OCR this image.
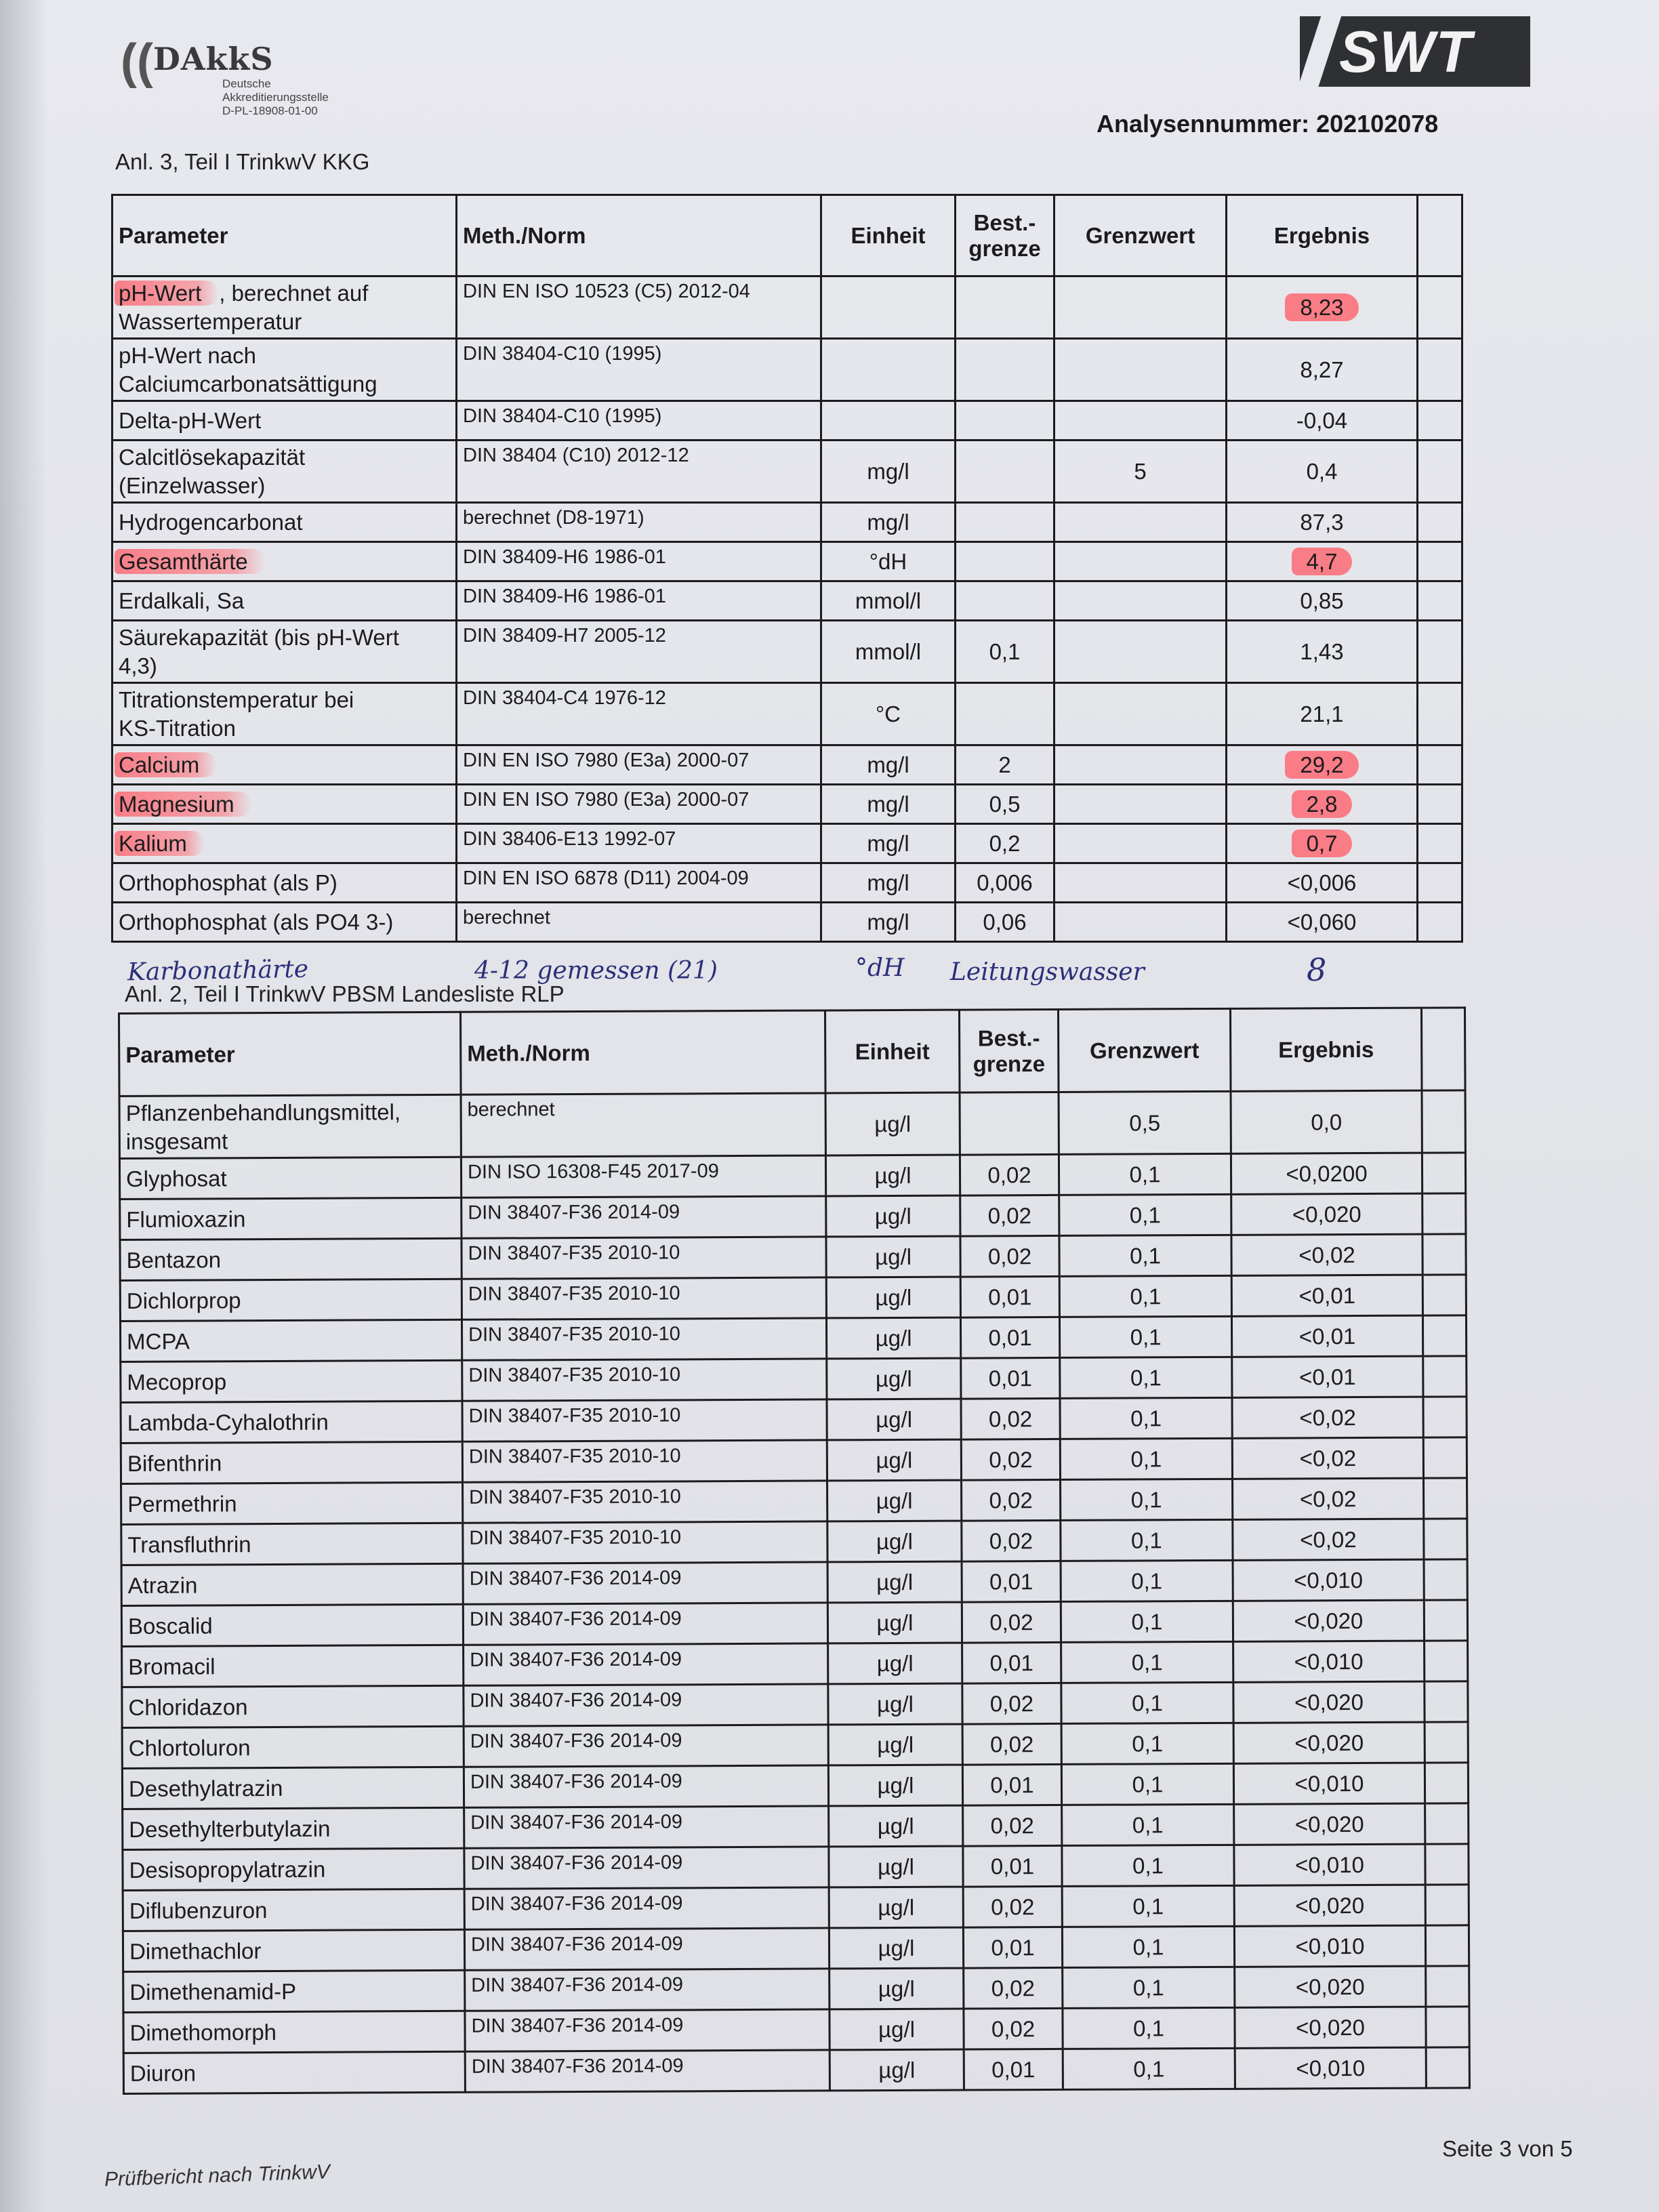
(( DAkkS
Deutsche
Akkreditierungsstelle
D-PL-18908-01-00
SWT
Analysennummer: 202102078
Anl. 3, Teil I TrinkwV KKG
Parameter	Meth./Norm	Einheit	Best.-
grenze	Grenzwert	Ergebnis	

pH-Wert , berechnet auf
Wassertemperatur	DIN EN ISO 10523 (C5) 2012-04				8,23	

pH-Wert nach
Calciumcarbonatsättigung	DIN 38404-C10 (1995)				8,27	

Delta-pH-Wert	DIN 38404-C10 (1995)				-0,04	

Calcitlösekapazität
(Einzelwasser)	DIN 38404 (C10) 2012-12	mg/l		5	0,4	

Hydrogencarbonat	berechnet (D8-1971)	mg/l			87,3	

Gesamthärte	DIN 38409-H6 1986-01	°dH			4,7	

Erdalkali, Sa	DIN 38409-H6 1986-01	mmol/l			0,85	

Säurekapazität (bis pH-Wert
4,3)	DIN 38409-H7 2005-12	mmol/l	0,1		1,43	

Titrationstemperatur bei
KS-Titration	DIN 38404-C4 1976-12	°C			21,1	

Calcium	DIN EN ISO 7980 (E3a) 2000-07	mg/l	2		29,2	

Magnesium	DIN EN ISO 7980 (E3a) 2000-07	mg/l	0,5		2,8	

Kalium	DIN 38406-E13 1992-07	mg/l	0,2		0,7	

Orthophosphat (als P)	DIN EN ISO 6878 (D11) 2004-09	mg/l	0,006		<0,006	

Orthophosphat (als PO4 3-)	berechnet	mg/l	0,06		<0,060	
Karbonathärte	4-12 gemessen (21)	°dH Leitungswasser	8
Anl. 2, Teil I TrinkwV PBSM Landesliste RLP
Parameter	Meth./Norm	Einheit	Best.-
grenze	Grenzwert	Ergebnis	

Pflanzenbehandlungsmittel,
insgesamt	berechnet	µg/l		0,5	0,0	

Glyphosat	DIN ISO 16308-F45 2017-09	µg/l	0,02	0,1	<0,0200	

Flumioxazin	DIN 38407-F36 2014-09	µg/l	0,02	0,1	<0,020	

Bentazon	DIN 38407-F35 2010-10	µg/l	0,02	0,1	<0,02	

Dichlorprop	DIN 38407-F35 2010-10	µg/l	0,01	0,1	<0,01	

MCPA	DIN 38407-F35 2010-10	µg/l	0,01	0,1	<0,01	

Mecoprop	DIN 38407-F35 2010-10	µg/l	0,01	0,1	<0,01	

Lambda-Cyhalothrin	DIN 38407-F35 2010-10	µg/l	0,02	0,1	<0,02	

Bifenthrin	DIN 38407-F35 2010-10	µg/l	0,02	0,1	<0,02	

Permethrin	DIN 38407-F35 2010-10	µg/l	0,02	0,1	<0,02	

Transfluthrin	DIN 38407-F35 2010-10	µg/l	0,02	0,1	<0,02	

Atrazin	DIN 38407-F36 2014-09	µg/l	0,01	0,1	<0,010	

Boscalid	DIN 38407-F36 2014-09	µg/l	0,02	0,1	<0,020	

Bromacil	DIN 38407-F36 2014-09	µg/l	0,01	0,1	<0,010	

Chloridazon	DIN 38407-F36 2014-09	µg/l	0,02	0,1	<0,020	

Chlortoluron	DIN 38407-F36 2014-09	µg/l	0,02	0,1	<0,020	

Desethylatrazin	DIN 38407-F36 2014-09	µg/l	0,01	0,1	<0,010	

Desethylterbutylazin	DIN 38407-F36 2014-09	µg/l	0,02	0,1	<0,020	

Desisopropylatrazin	DIN 38407-F36 2014-09	µg/l	0,01	0,1	<0,010	

Diflubenzuron	DIN 38407-F36 2014-09	µg/l	0,02	0,1	<0,020	

Dimethachlor	DIN 38407-F36 2014-09	µg/l	0,01	0,1	<0,010	

Dimethenamid-P	DIN 38407-F36 2014-09	µg/l	0,02	0,1	<0,020	

Dimethomorph	DIN 38407-F36 2014-09	µg/l	0,02	0,1	<0,020	

Diuron	DIN 38407-F36 2014-09	µg/l	0,01	0,1	<0,010	
Prüfbericht nach TrinkwV
Seite 3 von 5
